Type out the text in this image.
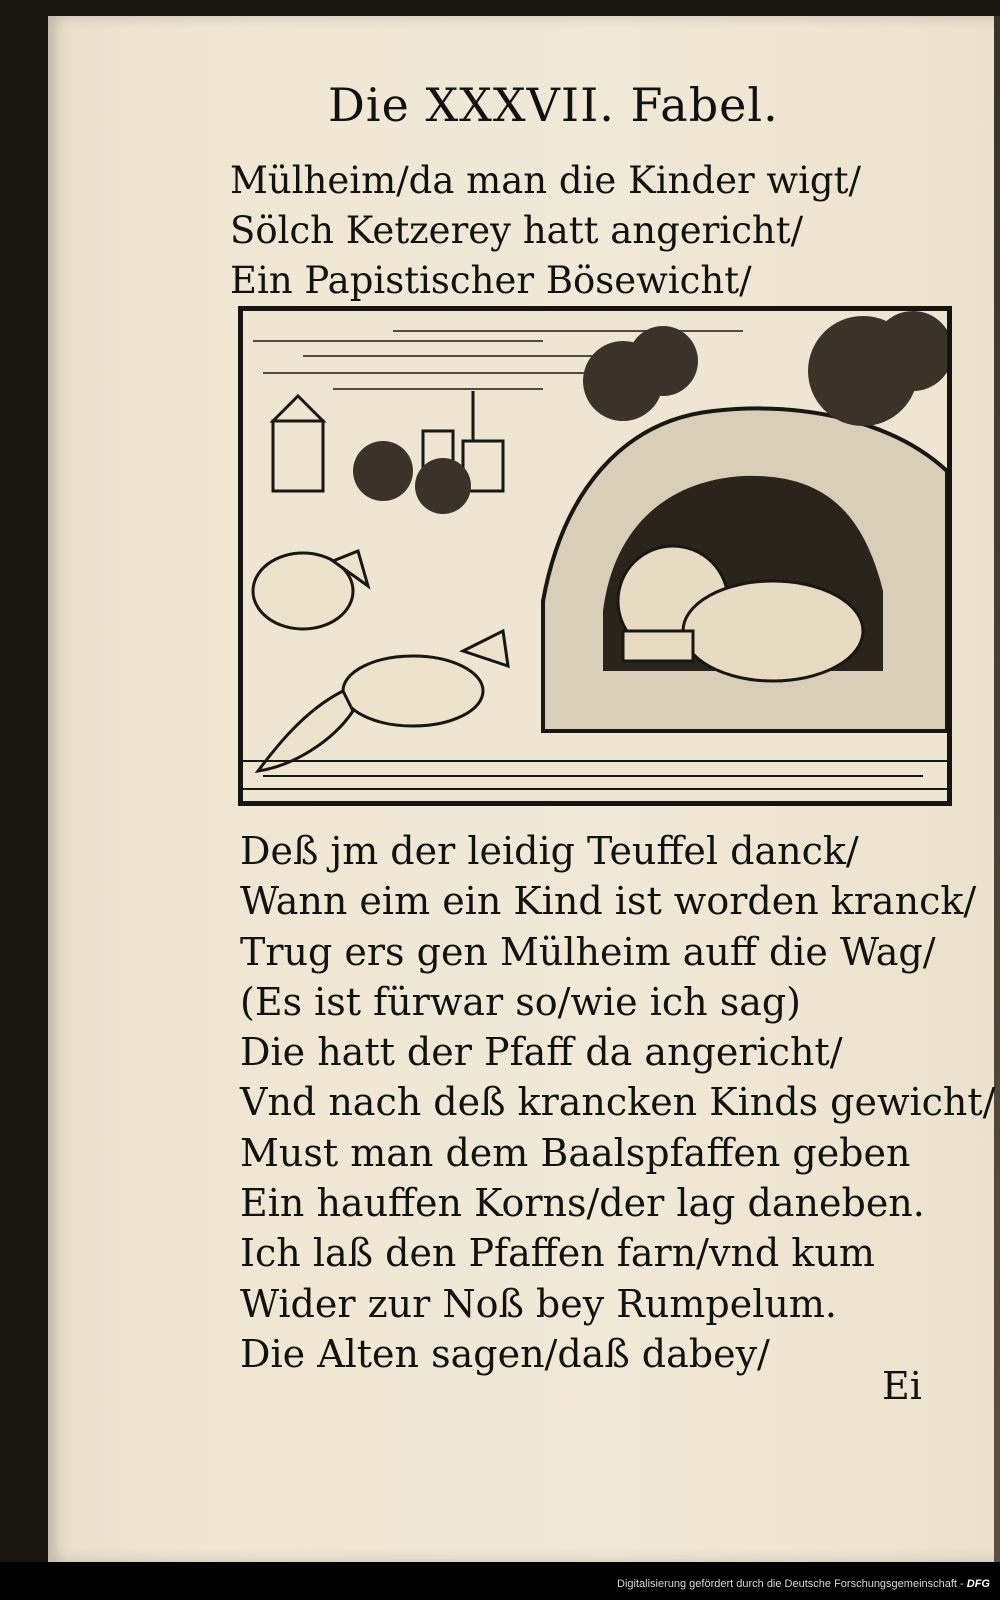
Die XXXVII. Fabel.
Mülheim/da man die Kinder wigt/
Sölch Ketzerey hatt angericht/
Ein Papistischer Bösewicht/
Deß jm der leidig Teuffel danck/
Wann eim ein Kind ist worden kranck/
Trug ers gen Mülheim auff die Wag/
(Es ist fürwar so/wie ich sag)
Die hatt der Pfaff da angericht/
Vnd nach deß krancken Kinds gewicht/
Must man dem Baalspfaffen geben
Ein hauffen Korns/der lag daneben.
Ich laß den Pfaffen farn/vnd kum
Wider zur Noß bey Rumpelum.
Die Alten sagen/daß dabey/
Ei
Digitalisierung gefördert durch die Deutsche Forschungsgemeinschaft - DFG
